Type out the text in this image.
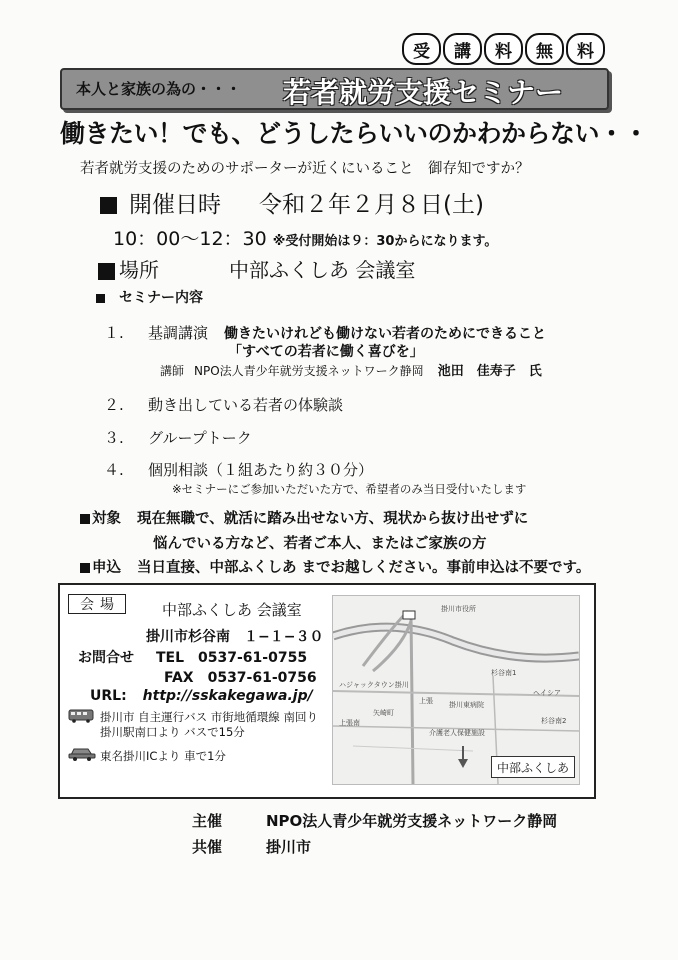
受	講	料	無	料
本人と家族の為の・・・ 若者就労支援セミナー
働きたい！でも、どうしたらいいのかわからない・・
若者就労支援のためのサポーターが近くにいること　御存知ですか？
開催日時 令和２年２月８日(土)
10：00〜12：30 ※受付開始は９：30からになります。
場所	中部ふくしあ 会議室
セミナー内容
１. 基調講演 働きたいけれども働けない若者のためにできること
「すべての若者に働く喜びを」
講師 NPO法人青少年就労支援ネットワーク静岡 池田　佳寿子　氏
２. 動き出している若者の体験談
３. グループトーク
４. 個別相談（１組あたり約３０分）
※セミナーにご参加いただいた方で、希望者のみ当日受付いたします
対象 現在無職で、就活に踏み出せない方、現状から抜け出せずに
悩んでいる方など、若者ご本人、またはご家族の方
申込 当日直接、中部ふくしあ までお越しください。事前申込は不要です。
会場	中部ふくしあ 会議室
掛川市杉谷南　１−１−３０
お問合せ TEL　0537-61-0755
FAX　0537-61-0756
URL: http://sskakegawa.jp/
掛川市 自主運行バス 市街地循環線 南回り
掛川駅南口より バスで15分
東名掛川ICより 車で1分
掛川市役所
杉谷南1
ヘイシア
上張
矢崎町
杉谷南2
上張南
ハジャックタウン掛川
介護老人保健施設
掛川東病院
中部ふくしあ
主催	NPO法人青少年就労支援ネットワーク静岡
共催	掛川市
